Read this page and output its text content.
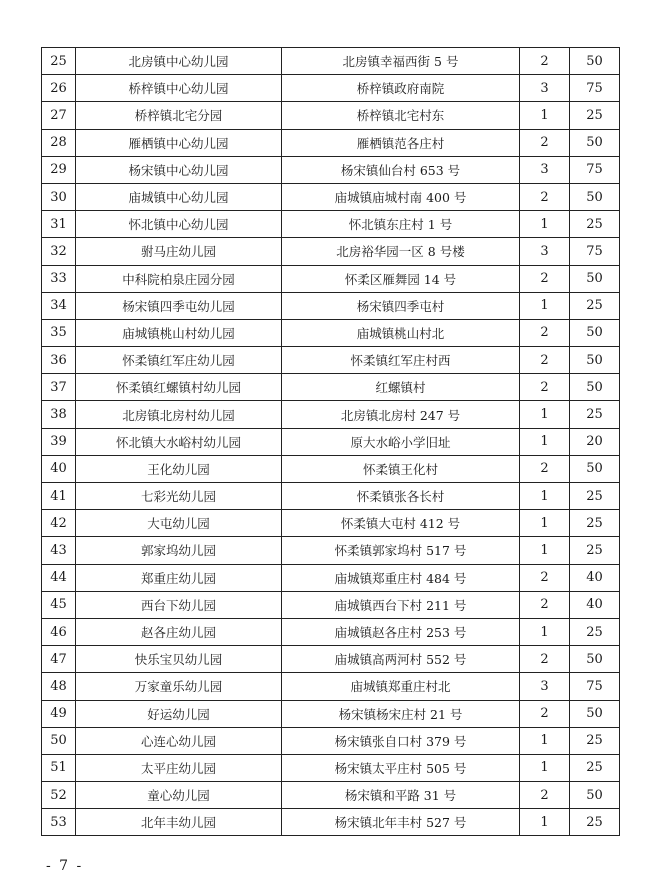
25	北房镇中心幼儿园	北房镇幸福西街 5 号	2	50
26	桥梓镇中心幼儿园	桥梓镇政府南院	3	75
27	桥梓镇北宅分园	桥梓镇北宅村东	1	25
28	雁栖镇中心幼儿园	雁栖镇范各庄村	2	50
29	杨宋镇中心幼儿园	杨宋镇仙台村 653 号	3	75
30	庙城镇中心幼儿园	庙城镇庙城村南 400 号	2	50
31	怀北镇中心幼儿园	怀北镇东庄村 1 号	1	25
32	驸马庄幼儿园	北房裕华园一区 8 号楼	3	75
33	中科院柏泉庄园分园	怀柔区雁舞园 14 号	2	50
34	杨宋镇四季屯幼儿园	杨宋镇四季屯村	1	25
35	庙城镇桃山村幼儿园	庙城镇桃山村北	2	50
36	怀柔镇红军庄幼儿园	怀柔镇红军庄村西	2	50
37	怀柔镇红螺镇村幼儿园	红螺镇村	2	50
38	北房镇北房村幼儿园	北房镇北房村 247 号	1	25
39	怀北镇大水峪村幼儿园	原大水峪小学旧址	1	20
40	王化幼儿园	怀柔镇王化村	2	50
41	七彩光幼儿园	怀柔镇张各长村	1	25
42	大屯幼儿园	怀柔镇大屯村 412 号	1	25
43	郭家坞幼儿园	怀柔镇郭家坞村 517 号	1	25
44	郑重庄幼儿园	庙城镇郑重庄村 484 号	2	40
45	西台下幼儿园	庙城镇西台下村 211 号	2	40
46	赵各庄幼儿园	庙城镇赵各庄村 253 号	1	25
47	快乐宝贝幼儿园	庙城镇高两河村 552 号	2	50
48	万家童乐幼儿园	庙城镇郑重庄村北	3	75
49	好运幼儿园	杨宋镇杨宋庄村 21 号	2	50
50	心连心幼儿园	杨宋镇张自口村 379 号	1	25
51	太平庄幼儿园	杨宋镇太平庄村 505 号	1	25
52	童心幼儿园	杨宋镇和平路 31 号	2	50
53	北年丰幼儿园	杨宋镇北年丰村 527 号	1	25
- 7 -
